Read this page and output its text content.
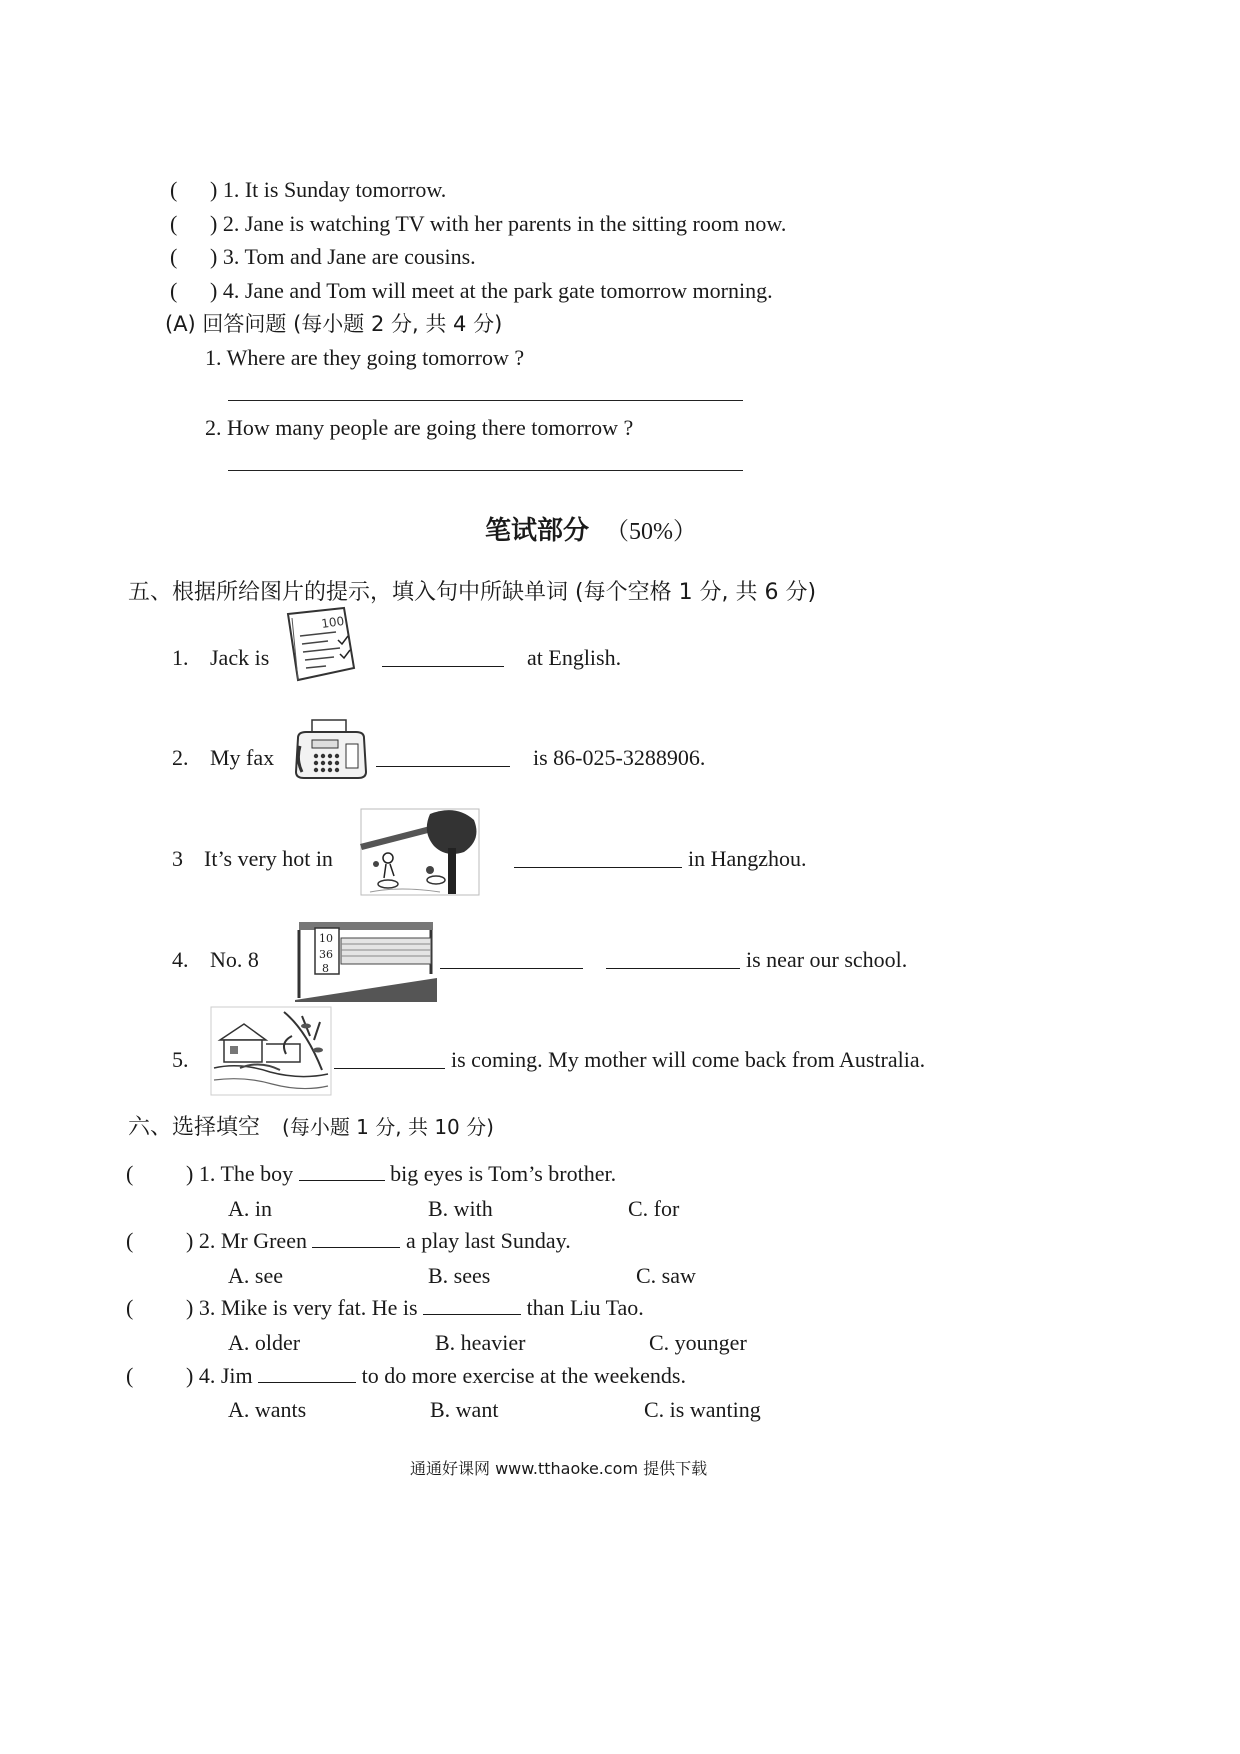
( ) 1. It is Sunday tomorrow.
( ) 2. Jane is watching TV with her parents in the sitting room now.
( ) 3. Tom and Jane are cousins.
( ) 4. Jane and Tom will meet at the park gate tomorrow morning.
(A) 回答问题 (每小题 2 分, 共 4 分)
1. Where are they going tomorrow ?
2. How many people are going there tomorrow ?
笔试部分 （50%）
五、根据所给图片的提示，填入句中所缺单词 (每个空格 1 分, 共 6 分)
1. Jack is
100
at English.
2. My fax	is 86-025-3288906.
3 It’s very hot in	in Hangzhou.
4. No. 8
10
36
8	is near our school.
5.	is coming. My mother will come back from Australia.
六、选择填空 (每小题 1 分, 共 10 分)
( ) 1. The boy	big eyes is Tom’s brother.
A. in	B. with	C. for
( ) 2. Mr Green	a play last Sunday.
A. see	B. sees	C. saw
( ) 3. Mike is very fat. He is	than Liu Tao.
A. older	B. heavier	C. younger
( ) 4. Jim	to do more exercise at the weekends.
A. wants	B. want	C. is wanting
通通好课网 www.tthaoke.com 提供下载
